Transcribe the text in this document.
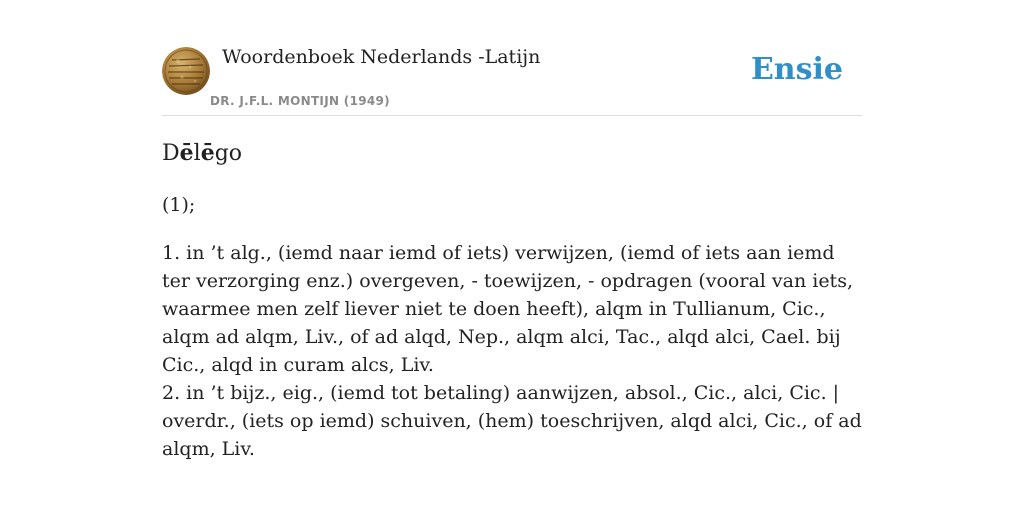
Woordenboek Nederlands -Latijn
DR. J.F.L. MONTIJN (1949)
Ensie
Dēlēgo
(1);

1. in ’t alg., (iemd naar iemd of iets) verwijzen, (iemd of iets aan iemd ter verzorging enz.) overgeven, - toewijzen, - opdragen (vooral van iets, waarmee men zelf liever niet te doen heeft), alqm in Tullianum, Cic., alqm ad alqm, Liv., of ad alqd, Nep., alqm alci, Tac., alqd alci, Cael. bij Cic., alqd in curam alcs, Liv.

2. in ’t bijz., eig., (iemd tot betaling) aanwijzen, absol., Cic., alci, Cic. | overdr., (iets op iemd) schuiven, (hem) toeschrijven, alqd alci, Cic., of ad alqm, Liv.
